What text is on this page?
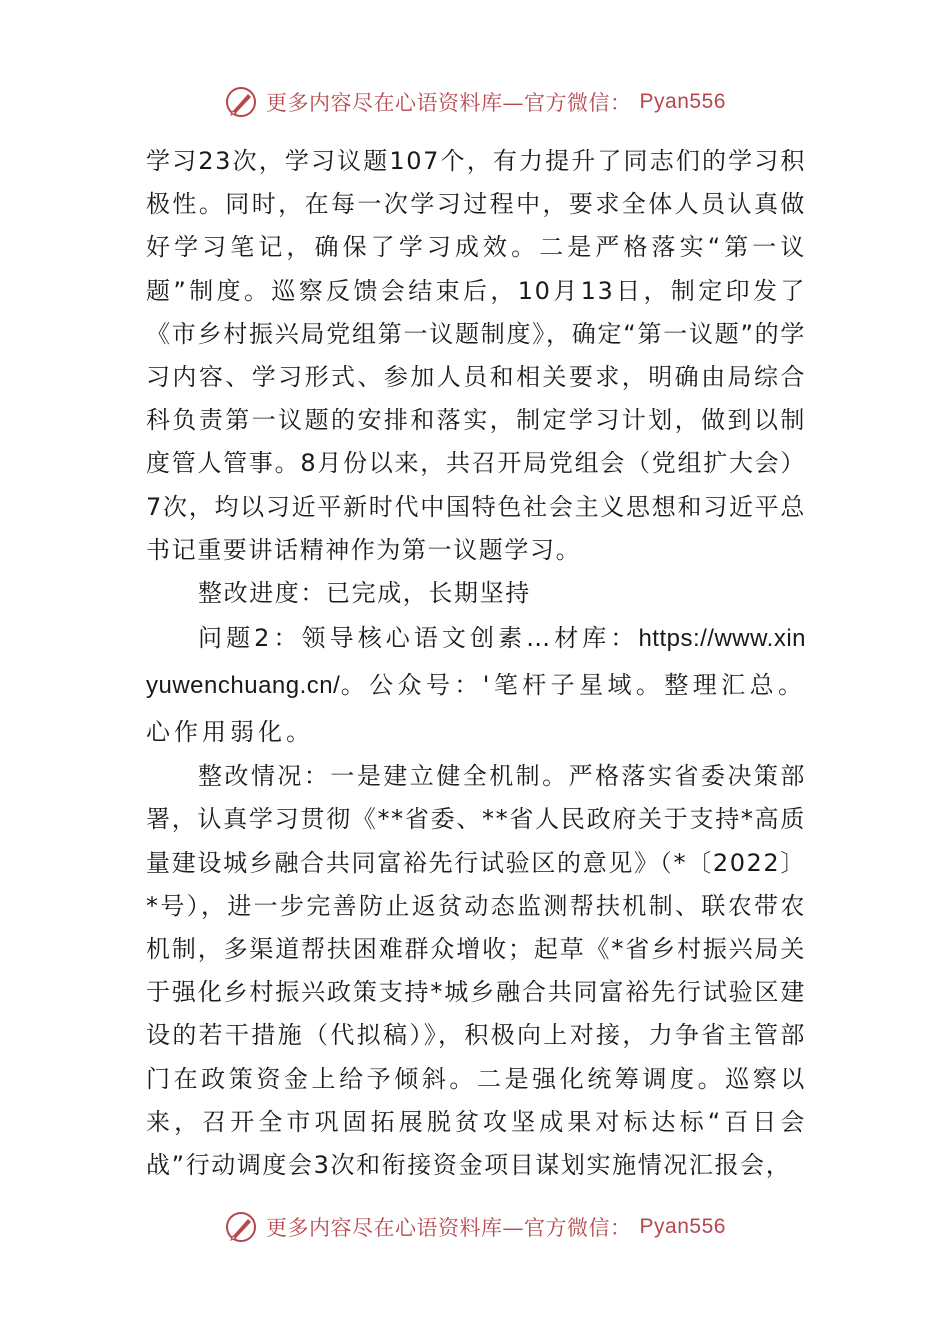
更多内容尽在心语资料库—官方微信： Pyan556

学习23次，学习议题107个，有力提升了同志们的学习积极性。同时，在每一次学习过程中，要求全体人员认真做好学习笔记，确保了学习成效。二是严格落实“第一议题”制度。巡察反馈会结束后，10月13日，制定印发了《市乡村振兴局党组第一议题制度》，确定“第一议题”的学习内容、学习形式、参加人员和相关要求，明确由局综合科负责第一议题的安排和落实，制定学习计划，做到以制度管人管事。8月份以来，共召开局党组会（党组扩大会）7次，均以习近平新时代中国特色社会主义思想和习近平总书记重要讲话精神作为第一议题学习。

整改进度：已完成，长期坚持

问题2：领导核心语文创素…材库：https://www.xinyuwenchuang.cn/。公众号：'笔杆子星域。整理汇总。心作用弱化。

整改情况：一是建立健全机制。严格落实省委决策部署，认真学习贯彻《**省委、**省人民政府关于支持*高质量建设城乡融合共同富裕先行试验区的意见》（*〔2022〕*号），进一步完善防止返贫动态监测帮扶机制、联农带农机制，多渠道帮扶困难群众增收；起草《*省乡村振兴局关于强化乡村振兴政策支持*城乡融合共同富裕先行试验区建设的若干措施（代拟稿）》，积极向上对接，力争省主管部门在政策资金上给予倾斜。二是强化统筹调度。巡察以来，召开全市巩固拓展脱贫攻坚成果对标达标“百日会战”行动调度会3次和衔接资金项目谋划实施情况汇报会，

更多内容尽在心语资料库—官方微信： Pyan556
